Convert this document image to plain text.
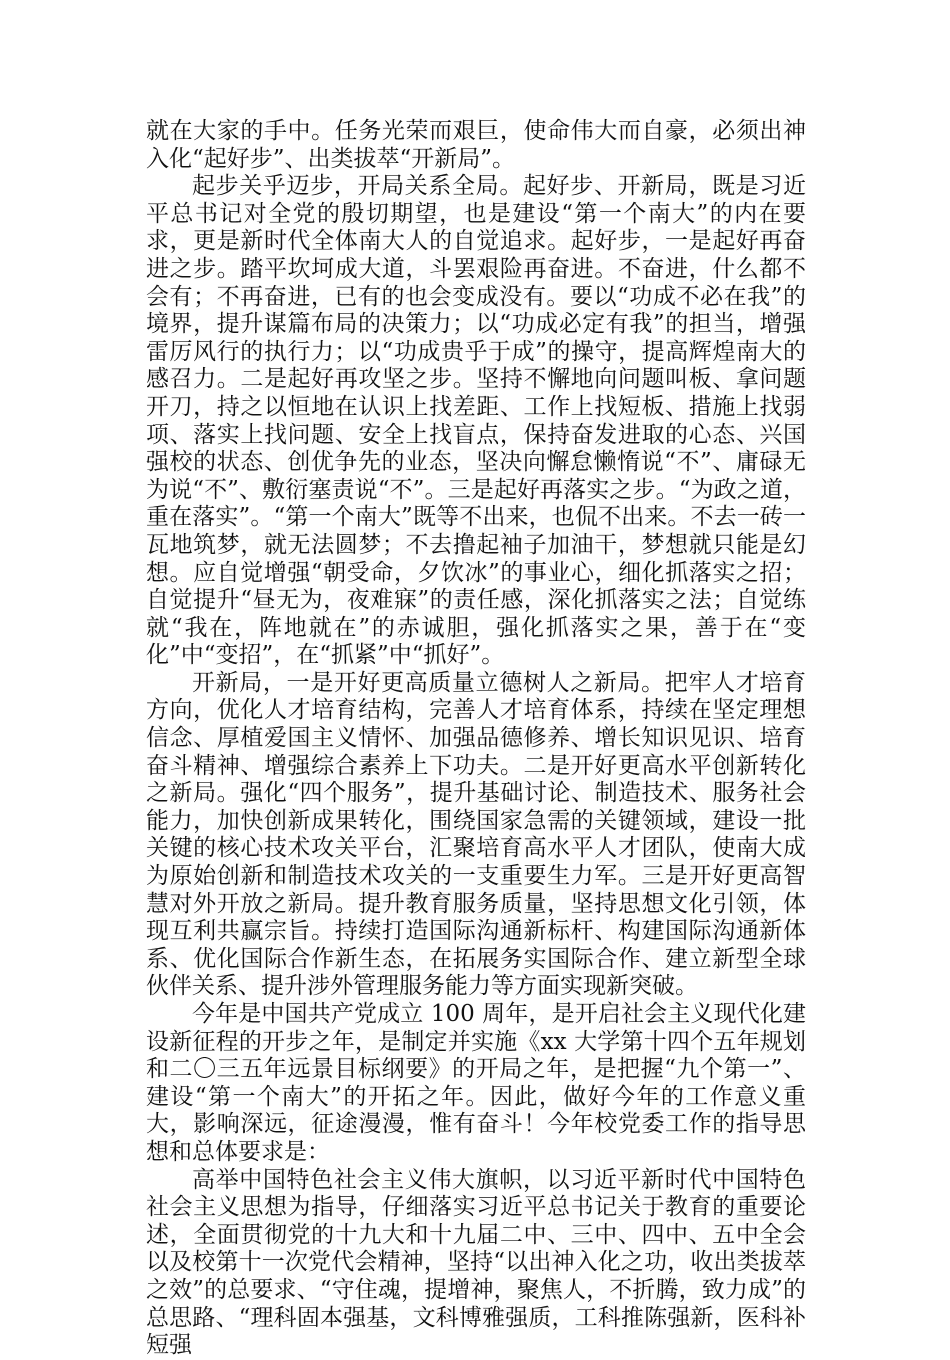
就在大家的手中。任务光荣而艰巨，使命伟大而自豪，必须出神入化“起好步”、出类拔萃“开新局”。

起步关乎迈步，开局关系全局。起好步、开新局，既是习近平总书记对全党的殷切期望，也是建设“第一个南大”的内在要求，更是新时代全体南大人的自觉追求。起好步，一是起好再奋进之步。踏平坎坷成大道，斗罢艰险再奋进。不奋进，什么都不会有；不再奋进，已有的也会变成没有。要以“功成不必在我”的境界，提升谋篇布局的决策力；以“功成必定有我”的担当，增强雷厉风行的执行力；以“功成贵乎于成”的操守，提高辉煌南大的感召力。二是起好再攻坚之步。坚持不懈地向问题叫板、拿问题开刀，持之以恒地在认识上找差距、工作上找短板、措施上找弱项、落实上找问题、安全上找盲点，保持奋发进取的心态、兴国强校的状态、创优争先的业态，坚决向懈怠懒惰说“不”、庸碌无为说“不”、敷衍塞责说“不”。三是起好再落实之步。“为政之道，重在落实”。“第一个南大”既等不出来，也侃不出来。不去一砖一瓦地筑梦，就无法圆梦；不去撸起袖子加油干，梦想就只能是幻想。应自觉增强“朝受命，夕饮冰”的事业心，细化抓落实之招；自觉提升“昼无为，夜难寐”的责任感，深化抓落实之法；自觉练就“我在，阵地就在”的赤诚胆，强化抓落实之果，善于在“变化”中“变招”，在“抓紧”中“抓好”。

开新局，一是开好更高质量立德树人之新局。把牢人才培育方向，优化人才培育结构，完善人才培育体系，持续在坚定理想信念、厚植爱国主义情怀、加强品德修养、增长知识见识、培育奋斗精神、增强综合素养上下功夫。二是开好更高水平创新转化之新局。强化“四个服务”，提升基础讨论、制造技术、服务社会能力，加快创新成果转化，围绕国家急需的关键领域，建设一批关键的核心技术攻关平台，汇聚培育高水平人才团队，使南大成为原始创新和制造技术攻关的一支重要生力军。三是开好更高智慧对外开放之新局。提升教育服务质量，坚持思想文化引领，体现互利共赢宗旨。持续打造国际沟通新标杆、构建国际沟通新体系、优化国际合作新生态，在拓展务实国际合作、建立新型全球伙伴关系、提升涉外管理服务能力等方面实现新突破。

今年是中国共产党成立 100 周年，是开启社会主义现代化建设新征程的开步之年，是制定并实施《xx 大学第十四个五年规划和二〇三五年远景目标纲要》的开局之年，是把握“九个第一”、建设“第一个南大”的开拓之年。因此，做好今年的工作意义重大，影响深远，征途漫漫，惟有奋斗！今年校党委工作的指导思想和总体要求是：

高举中国特色社会主义伟大旗帜，以习近平新时代中国特色社会主义思想为指导，仔细落实习近平总书记关于教育的重要论述，全面贯彻党的十九大和十九届二中、三中、四中、五中全会以及校第十一次党代会精神，坚持“以出神入化之功，收出类拔萃之效”的总要求、“守住魂，提增神，聚焦人，不折腾，致力成”的总思路、“理科固本强基，文科博雅强质，工科推陈强新，医科补短强
